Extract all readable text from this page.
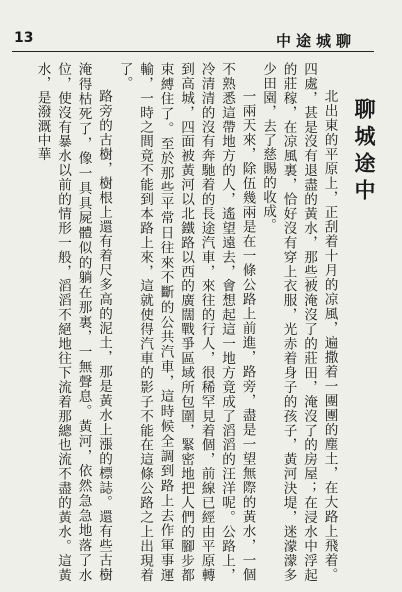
13	中途城聊

聊城途中

北出東的平原上，正刮着十月的凉風，遍撒着一團團的塵土，在大路上飛着。四處，甚是沒有退盡的黃水，那些被淹沒了的莊田，淹沒了的房屋；在浸水中浮起的莊稼，在凉風裏，恰好沒有穿上衣服，光赤着身子的孩子，黃河決堤，迷濛濛多少田園，去了慈賜的收成。

一兩天來，除伍幾兩是在一條公路上前進，路旁，盡是一望無際的黃水，一個不熟悉這帶地方的人，遙望遠去，會想起這一地方竟成了滔滔的汪洋呢。公路上，冷清清的沒有奔馳着的長途汽車，來往的行人，很稀罕見着個，前線已經由平原轉到高城，四面被黃河以北鐵路以西的廣闊戰爭區域所包圍，緊密地把人們的腳步都束縛住了。至於那些平常日往來不斷的公共汽車，這時候全調到路上去作軍事運輸，一時之間竟不能到本路上來，這就使得汽車的影子不能在這條公路之上出現着了。

路旁的古樹，樹根上還有着尺多高的泥土，那是黃水上漲的標誌。還有些古樹淹得枯死了，像一具具屍體似的躺在那裏，一無聲息。黃河，依然急急地落了水位，使沒有暴水以前的情形一般，滔滔不絕地往下流着那總也流不盡的黃水。這黃水，是潑溉中華
